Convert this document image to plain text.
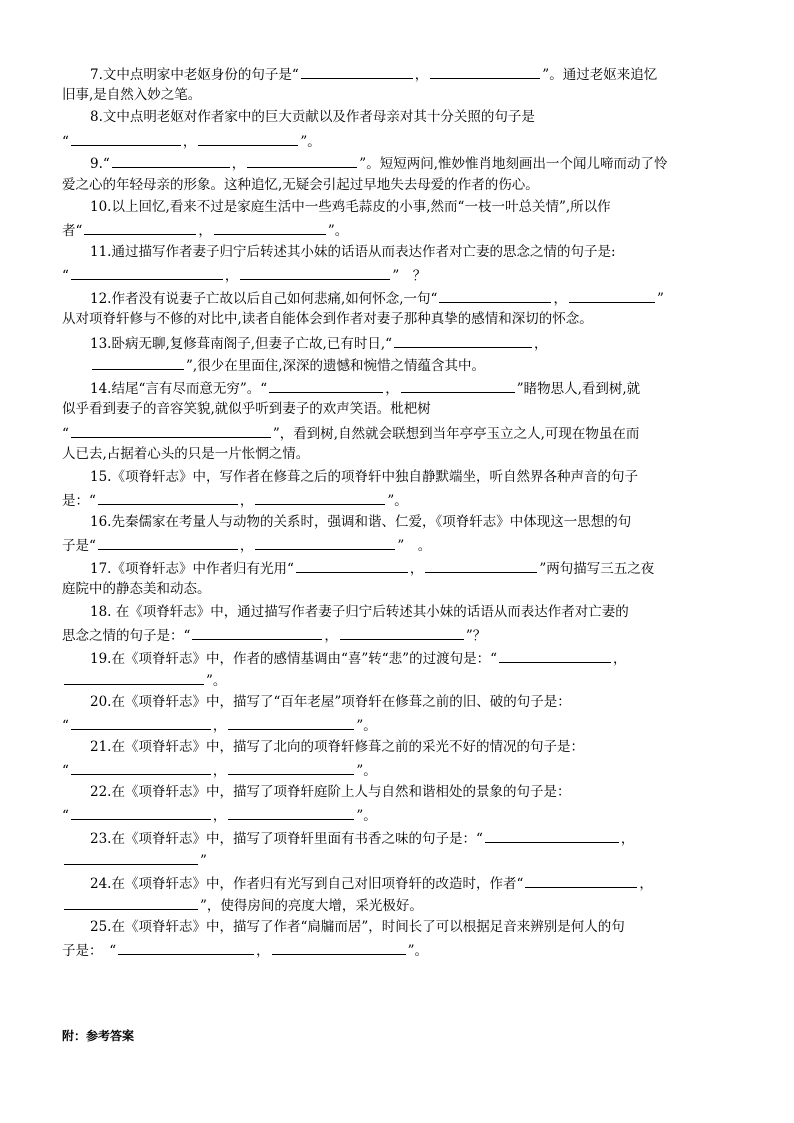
7.文中点明家中老妪身份的句子是“	，	”。通过老妪来追忆
旧事,是自然入妙之笔。
8.文中点明老妪对作者家中的巨大贡献以及作者母亲对其十分关照的句子是
“	，	”。
9.“	，	”。短短两问,惟妙惟肖地刻画出一个闻儿啼而动了怜
爱之心的年轻母亲的形象。这种追忆,无疑会引起过早地失去母爱的作者的伤心。
10.以上回忆,看来不过是家庭生活中一些鸡毛蒜皮的小事,然而“一枝一叶总关情”,所以作
者“	，	”。
11.通过描写作者妻子归宁后转述其小妹的话语从而表达作者对亡妻的思念之情的句子是:
“	，	”　？
12.作者没有说妻子亡故以后自己如何悲痛,如何怀念,一句“	，	”
从对项脊轩修与不修的对比中,读者自能体会到作者对妻子那种真挚的感情和深切的怀念。
13.卧病无聊,复修葺南阁子,但妻子亡故,已有时日,“	，
”,很少在里面住,深深的遗憾和惋惜之情蕴含其中。
14.结尾“言有尽而意无穷”。“	，	”睹物思人,看到树,就
似乎看到妻子的音容笑貌,就似乎听到妻子的欢声笑语。枇杷树
“	”，看到树,自然就会联想到当年亭亭玉立之人,可现在物虽在而
人已去,占据着心头的只是一片怅惘之情。
15.《项脊轩志》中，写作者在修葺之后的项脊轩中独自静默端坐，听自然界各种声音的句子
是：“	，	”。
16.先秦儒家在考量人与动物的关系时，强调和谐、仁爱，《项脊轩志》中体现这一思想的句
子是“	，	”　。
17.《项脊轩志》中作者归有光用“	，	”两句描写三五之夜
庭院中的静态美和动态。
18. 在《项脊轩志》中，通过描写作者妻子归宁后转述其小妹的话语从而表达作者对亡妻的
思念之情的句子是：“	，	”？
19.在《项脊轩志》中，作者的感情基调由“喜”转“悲”的过渡句是：“	，
”。
20.在《项脊轩志》中，描写了“百年老屋”项脊轩在修葺之前的旧、破的句子是：
“	，	”。
21.在《项脊轩志》中，描写了北向的项脊轩修葺之前的采光不好的情况的句子是：
“	，	”。
22.在《项脊轩志》中，描写了项脊轩庭阶上人与自然和谐相处的景象的句子是：
“	，	”。
23.在《项脊轩志》中，描写了项脊轩里面有书香之味的句子是：“	，
”
24.在《项脊轩志》中，作者归有光写到自己对旧项脊轩的改造时，作者“	，
”，使得房间的亮度大增，采光极好。
25.在《项脊轩志》中，描写了作者“扃牖而居”，时间长了可以根据足音来辨别是何人的句
子是：　“	，	”。
附：参考答案
